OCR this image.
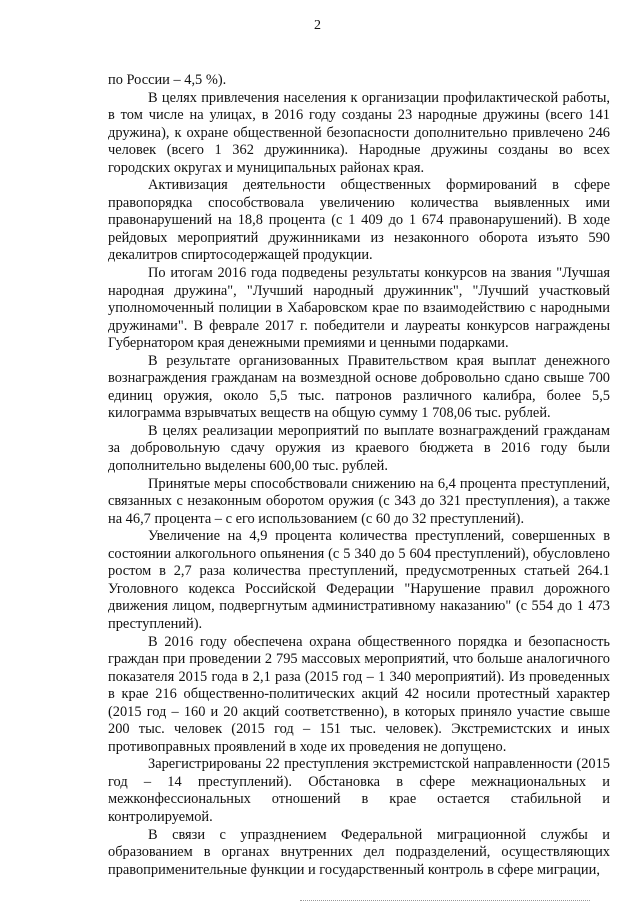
2

по России – 4,5 %).

В целях привлечения населения к организации профилактической работы, в том числе на улицах, в 2016 году созданы 23 народные дружины (всего 141 дружина), к охране общественной безопасности дополнительно привлечено 246 человек (всего 1 362 дружинника). Народные дружины созданы во всех городских округах и муниципальных районах края.

Активизация деятельности общественных формирований в сфере правопорядка способствовала увеличению количества выявленных ими правонарушений на 18,8 процента (с 1 409 до 1 674 правонарушений). В ходе рейдовых мероприятий дружинниками из незаконного оборота изъято 590 декалитров спиртосодержащей продукции.

По итогам 2016 года подведены результаты конкурсов на звания "Лучшая народная дружина", "Лучший народный дружинник", "Лучший участковый уполномоченный полиции в Хабаровском крае по взаимодействию с народными дружинами". В феврале 2017 г. победители и лауреаты конкурсов награждены Губернатором края денежными премиями и ценными подарками.

В результате организованных Правительством края выплат денежного вознаграждения гражданам на возмездной основе добровольно сдано свыше 700 единиц оружия, около 5,5 тыс. патронов различного калибра, более 5,5 килограмма взрывчатых веществ на общую сумму 1 708,06 тыс. рублей.

В целях реализации мероприятий по выплате вознаграждений гражданам за добровольную сдачу оружия из краевого бюджета в 2016 году были дополнительно выделены 600,00 тыс. рублей.

Принятые меры способствовали снижению на 6,4 процента преступлений, связанных с незаконным оборотом оружия (с 343 до 321 преступления), а также на 46,7 процента – с его использованием (с 60 до 32 преступлений).

Увеличение на 4,9 процента количества преступлений, совершенных в состоянии алкогольного опьянения (с 5 340 до 5 604 преступлений), обусловлено ростом в 2,7 раза количества преступлений, предусмотренных статьей 264.1 Уголовного кодекса Российской Федерации "Нарушение правил дорожного движения лицом, подвергнутым административному наказанию" (с 554 до 1 473 преступлений).

В 2016 году обеспечена охрана общественного порядка и безопасность граждан при проведении 2 795 массовых мероприятий, что больше аналогичного показателя 2015 года в 2,1 раза (2015 год – 1 340 мероприятий). Из проведенных в крае 216 общественно-политических акций 42 носили протестный характер (2015 год – 160 и 20 акций соответственно), в которых приняло участие свыше 200 тыс. человек (2015 год – 151 тыс. человек). Экстремистских и иных противоправных проявлений в ходе их проведения не допущено.

Зарегистрированы 22 преступления экстремистской направленности (2015 год – 14 преступлений). Обстановка в сфере межнациональных и межконфессиональных отношений в крае остается стабильной и контролируемой.

В связи с упразднением Федеральной миграционной службы и образованием в органах внутренних дел подразделений, осуществляющих правоприменительные функции и государственный контроль в сфере миграции,
